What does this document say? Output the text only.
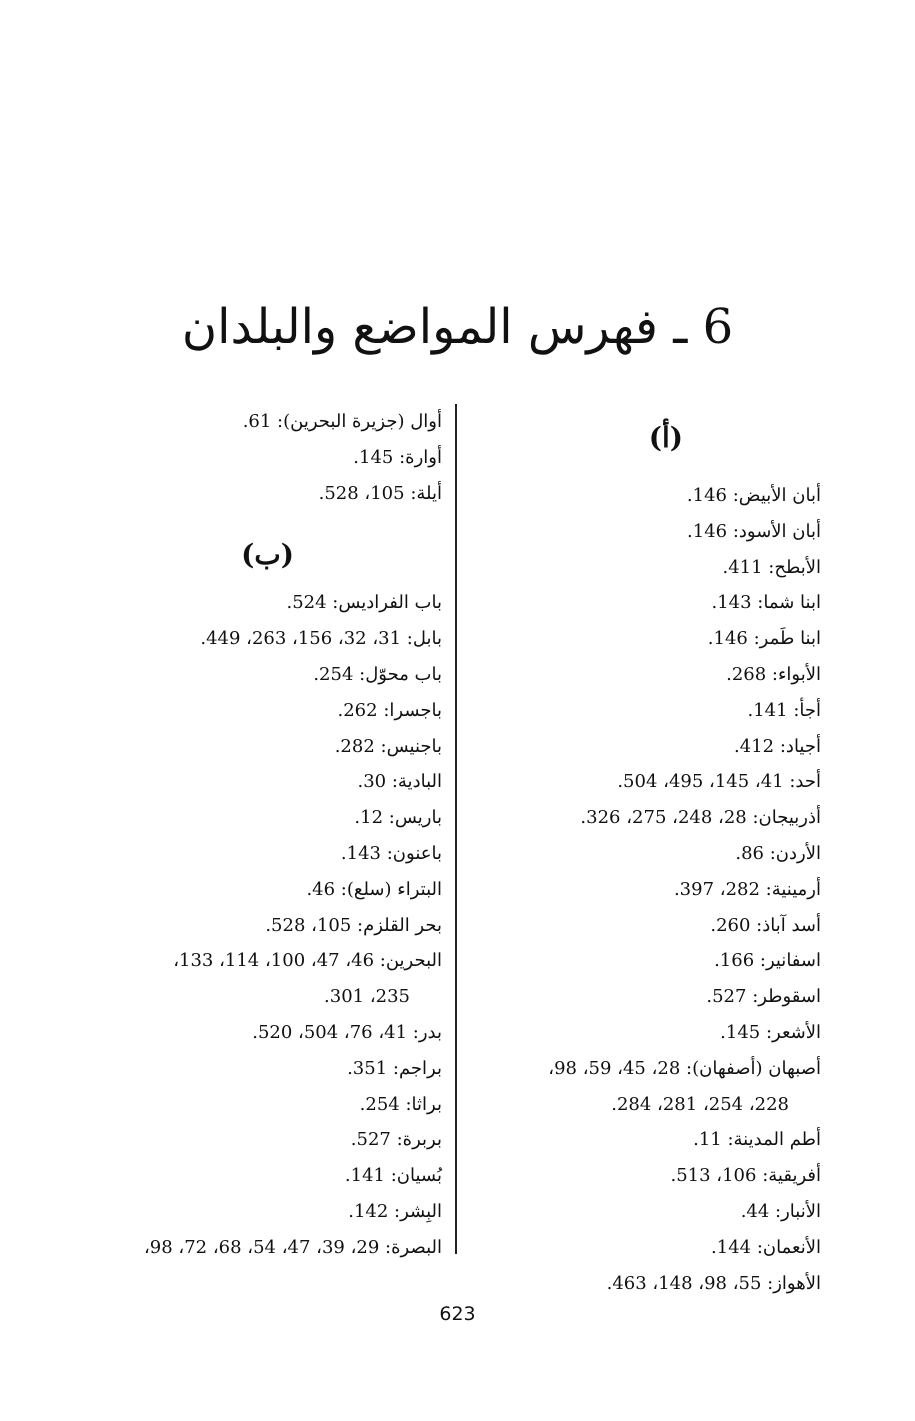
6 ـ فهرس المواضع والبلدان
(أ)
أبان الأبيض: 146.
أبان الأسود: 146.
الأبطح: 411.
ابنا شما: 143.
ابنا طَمر: 146.
الأبواء: 268.
أجأ: 141.
أجياد: 412.
أحد: 41، 145، 495، 504.
أذربيجان: 28، 248، 275، 326.
الأردن: 86.
أرمينية: 282، 397.
أسد آباذ: 260.
اسفانير: 166.
اسقوطر: 527.
الأشعر: 145.
أصبهان (أصفهان): 28، 45، 59، 98،
228، 254، 281، 284.
أطم المدينة: 11.
أفريقية: 106، 513.
الأنبار: 44.
الأنعمان: 144.
الأهواز: 55، 98، 148، 463.
أوال (جزيرة البحرين): 61.
أوارة: 145.
أيلة: 105، 528.
(ب)
باب الفراديس: 524.
بابل: 31، 32، 156، 263، 449.
باب محوّل: 254.
باجسرا: 262.
باجنيس: 282.
البادية: 30.
باريس: 12.
باعنون: 143.
البتراء (سلع): 46.
بحر القلزم: 105، 528.
البحرين: 46، 47، 100، 114، 133،
235، 301.
بدر: 41، 76، 504، 520.
براجم: 351.
براثا: 254.
بربرة: 527.
بُسيان: 141.
البِشر: 142.
البصرة: 29، 39، 47، 54، 68، 72، 98،
623
